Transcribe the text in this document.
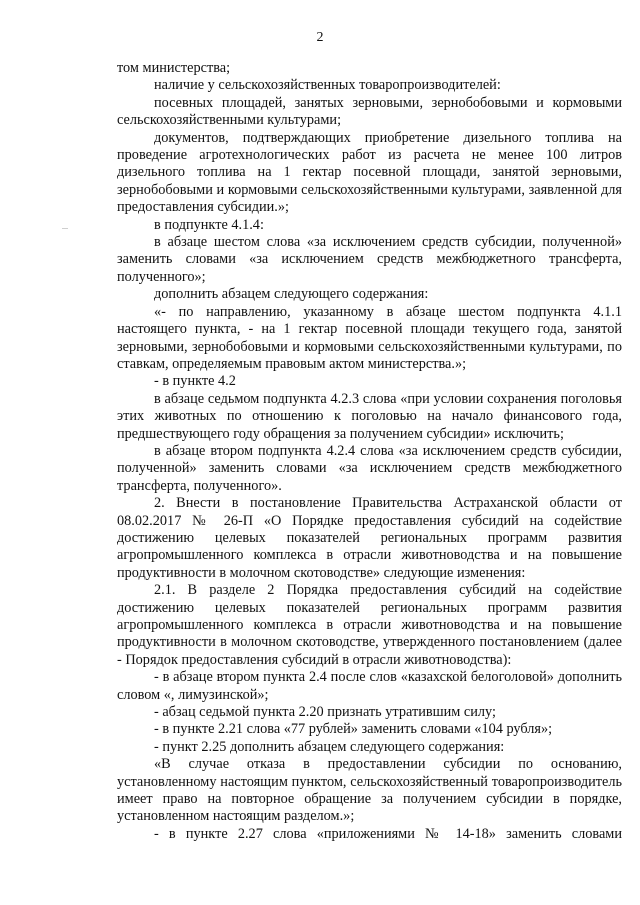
2

том министерства;

наличие у сельскохозяйственных товаропроизводителей:

посевных площадей, занятых зерновыми, зернобобовыми и кормовыми сельскохозяйственными культурами;

документов, подтверждающих приобретение дизельного топлива на проведение агротехнологических работ из расчета не менее 100 литров дизельного топлива на 1 гектар посевной площади, занятой зерновыми, зернобобовыми и кормовыми сельскохозяйственными культурами, заявленной для предоставления субсидии.»;

в подпункте 4.1.4:

в абзаце шестом слова «за исключением средств субсидии, полученной» заменить словами «за исключением средств межбюджетного трансферта, полученного»;

дополнить абзацем следующего содержания:

«- по направлению, указанному в абзаце шестом подпункта 4.1.1 настоящего пункта, - на 1 гектар посевной площади текущего года, занятой зерновыми, зернобобовыми и кормовыми сельскохозяйственными культурами, по ставкам, определяемым правовым актом министерства.»;

- в пункте 4.2

в абзаце седьмом подпункта 4.2.3 слова «при условии сохранения поголовья этих животных по отношению к поголовью на начало финансового года, предшествующего году обращения за получением субсидии» исключить;

в абзаце втором подпункта 4.2.4 слова «за исключением средств субсидии, полученной» заменить словами «за исключением средств межбюджетного трансферта, полученного».

2. Внести в постановление Правительства Астраханской области от 08.02.2017 № 26-П «О Порядке предоставления субсидий на содействие достижению целевых показателей региональных программ развития агропромышленного комплекса в отрасли животноводства и на повышение продуктивности в молочном скотоводстве» следующие изменения:

2.1. В разделе 2 Порядка предоставления субсидий на содействие достижению целевых показателей региональных программ развития агропромышленного комплекса в отрасли животноводства и на повышение продуктивности в молочном скотоводстве, утвержденного постановлением (далее - Порядок предоставления субсидий в отрасли животноводства):

- в абзаце втором пункта 2.4 после слов «казахской белоголовой» дополнить словом «, лимузинской»;

- абзац седьмой пункта 2.20 признать утратившим силу;

- в пункте 2.21 слова «77 рублей» заменить словами «104 рубля»;

- пункт 2.25 дополнить абзацем следующего содержания:

«В случае отказа в предоставлении субсидии по основанию, установленному настоящим пунктом, сельскохозяйственный товаропроизводитель имеет право на повторное обращение за получением субсидии в порядке, установленном настоящим разделом.»;

- в пункте 2.27 слова «приложениями № 14-18» заменить словами
